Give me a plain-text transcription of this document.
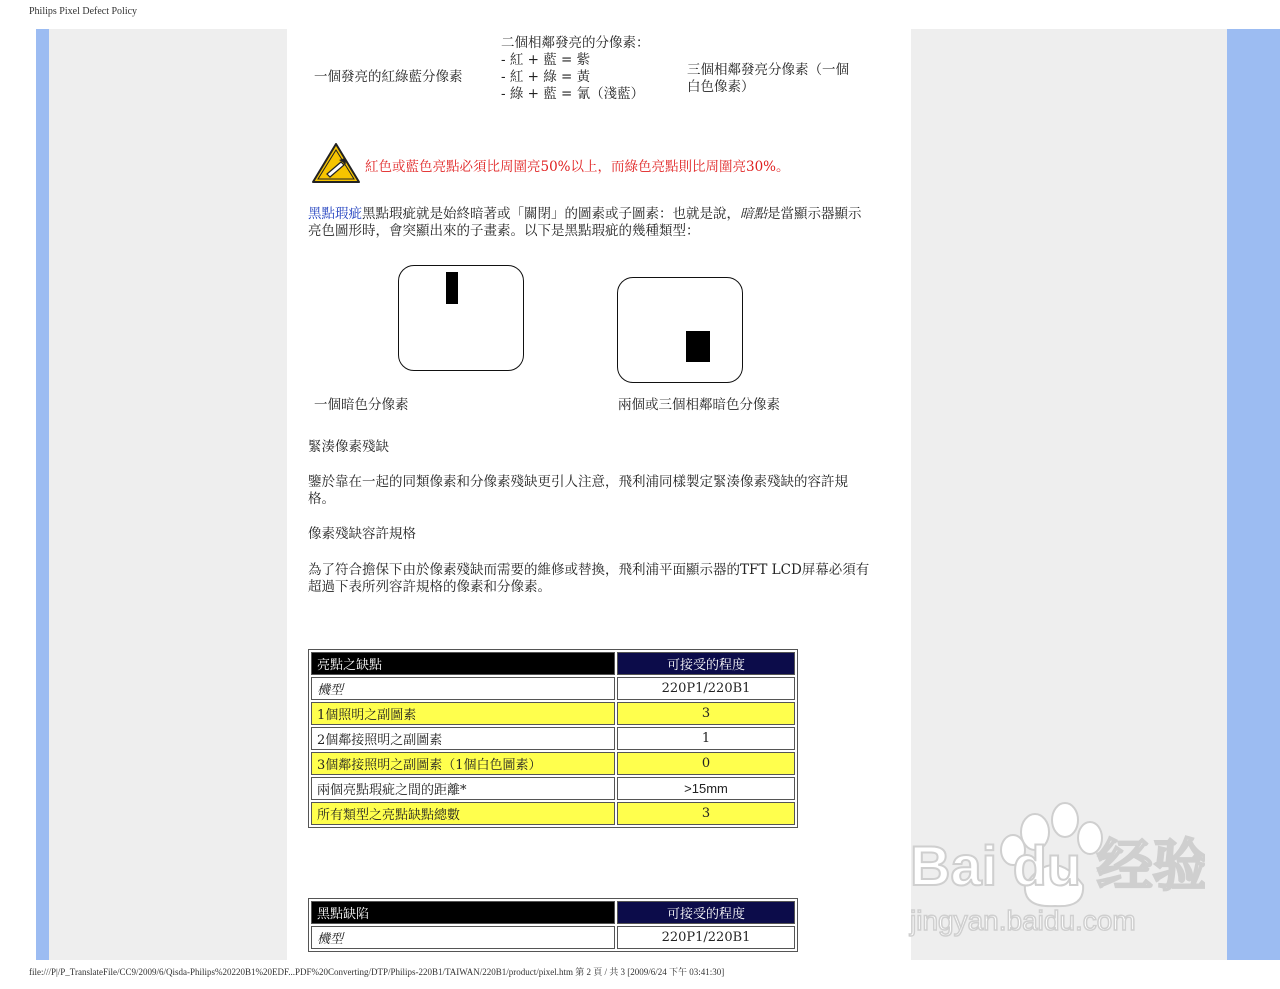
Philips Pixel Defect Policy
一個發亮的紅綠藍分像素
二個相鄰發亮的分像素：
- 紅 + 藍 = 紫
- 紅 + 綠 = 黃
- 綠 + 藍 = 氰（淺藍）
三個相鄰發亮分像素（一個
白色像素）
紅色或藍色亮點必須比周圍亮50%以上，而綠色亮點則比周圍亮30%。
黑點瑕疵黑點瑕疵就是始終暗著或「關閉」的圖素或子圖素：也就是說，暗點是當顯示器顯示
亮色圖形時，會突顯出來的子畫素。以下是黑點瑕疵的幾種類型：
一個暗色分像素	兩個或三個相鄰暗色分像素
緊湊像素殘缺
鑒於靠在一起的同類像素和分像素殘缺更引人注意，飛利浦同樣製定緊湊像素殘缺的容許規
格。
像素殘缺容許規格
為了符合擔保下由於像素殘缺而需要的維修或替換，飛利浦平面顯示器的TFT LCD屏幕必須有
超過下表所列容許規格的像素和分像素。
亮點之缺點	可接受的程度
機型	220P1/220B1
1個照明之副圖素	3
2個鄰接照明之副圖素	1
3個鄰接照明之副圖素（1個白色圖素）	0
兩個亮點瑕疵之間的距離*	>15mm
所有類型之亮點缺點總數	3
黑點缺陷	可接受的程度
機型	220P1/220B1
Bai du 经验
jingyan.baidu.com
file:///P|/P_TranslateFile/CC9/2009/6/Qisda-Philips%20220B1%20EDF...PDF%20Converting/DTP/Philips-220B1/TAIWAN/220B1/product/pixel.htm 第 2 頁 / 共 3 [2009/6/24 下午 03:41:30]
